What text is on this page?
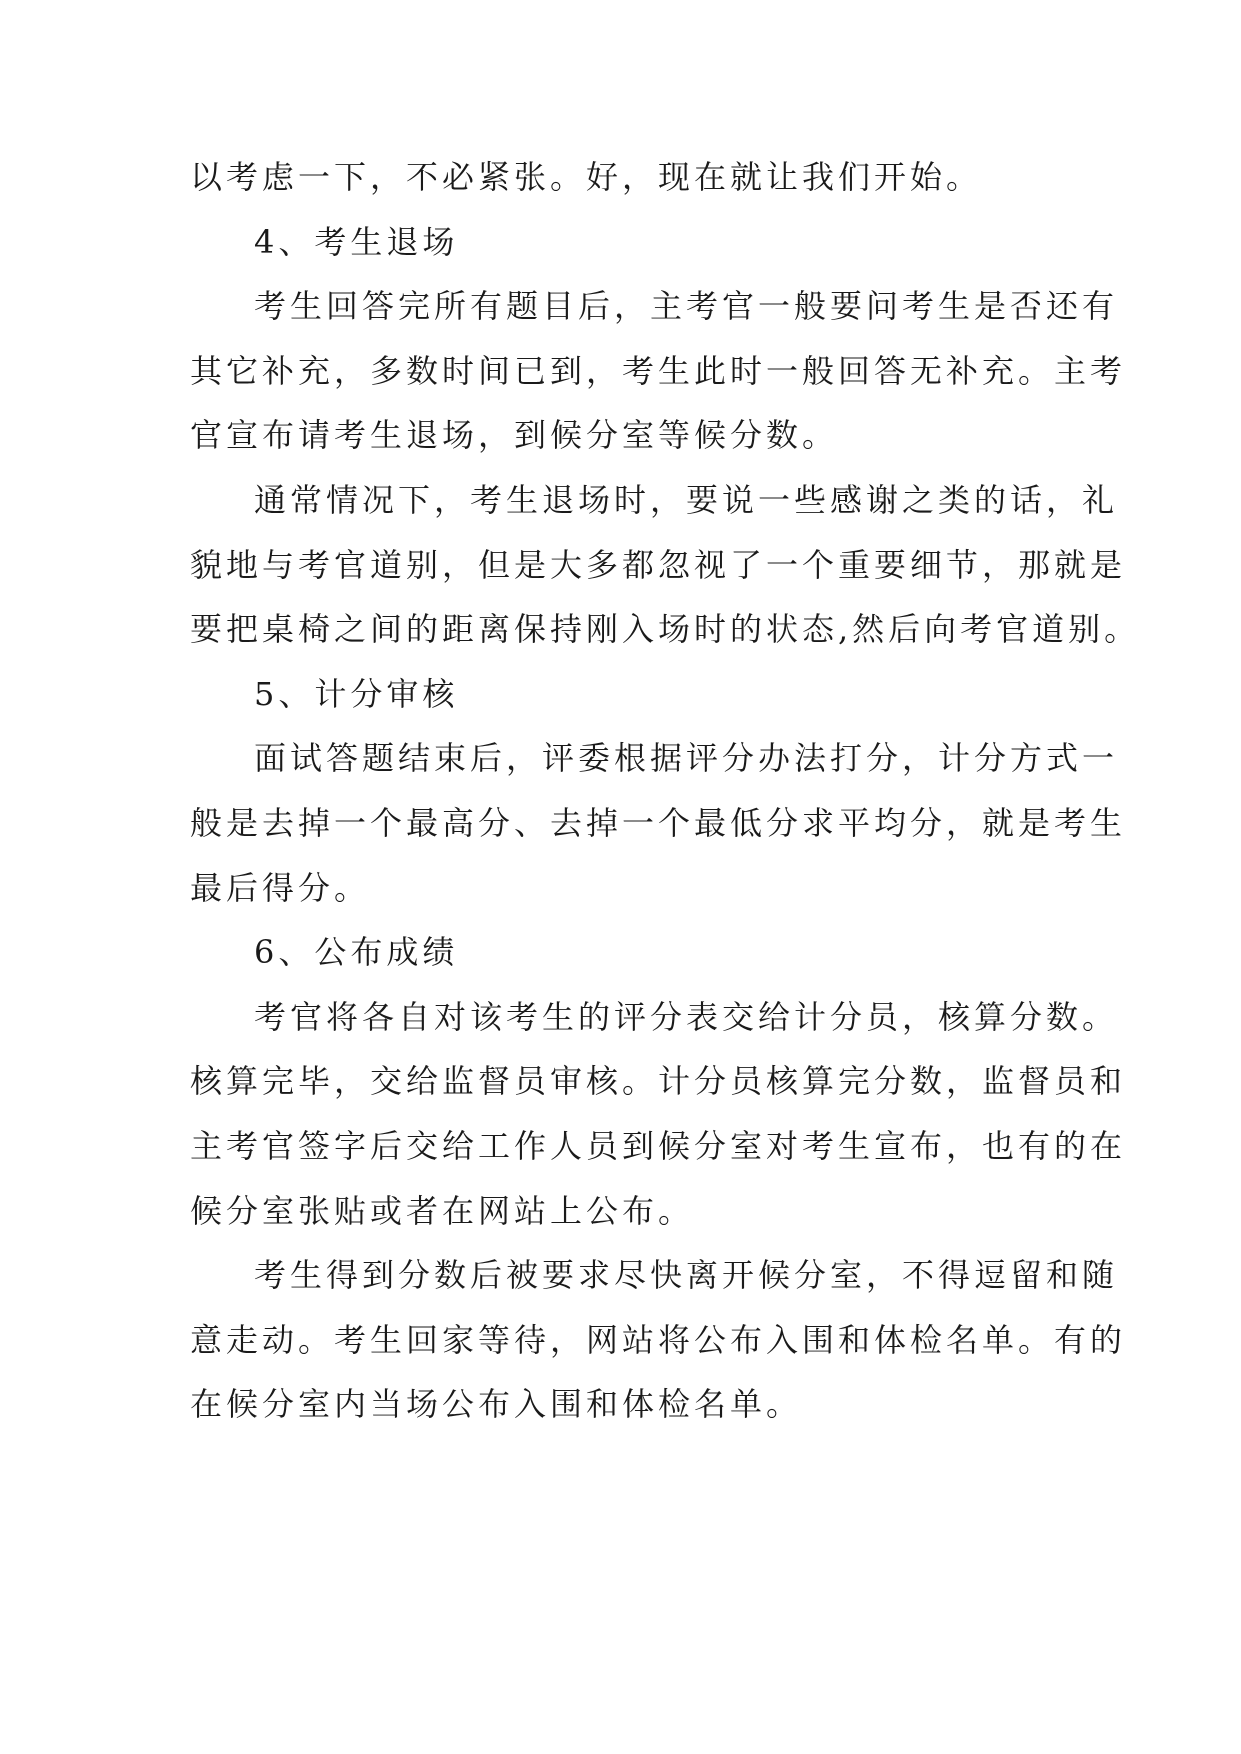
以考虑一下，不必紧张。好，现在就让我们开始。
4、考生退场
考生回答完所有题目后，主考官一般要问考生是否还有
其它补充，多数时间已到，考生此时一般回答无补充。主考
官宣布请考生退场，到候分室等候分数。
通常情况下，考生退场时，要说一些感谢之类的话，礼
貌地与考官道别，但是大多都忽视了一个重要细节，那就是
要把桌椅之间的距离保持刚入场时的状态,然后向考官道别。
5、计分审核
面试答题结束后，评委根据评分办法打分，计分方式一
般是去掉一个最高分、去掉一个最低分求平均分，就是考生
最后得分。
6、公布成绩
考官将各自对该考生的评分表交给计分员，核算分数。
核算完毕，交给监督员审核。计分员核算完分数，监督员和
主考官签字后交给工作人员到候分室对考生宣布，也有的在
候分室张贴或者在网站上公布。
考生得到分数后被要求尽快离开候分室，不得逗留和随
意走动。考生回家等待，网站将公布入围和体检名单。有的
在候分室内当场公布入围和体检名单。
